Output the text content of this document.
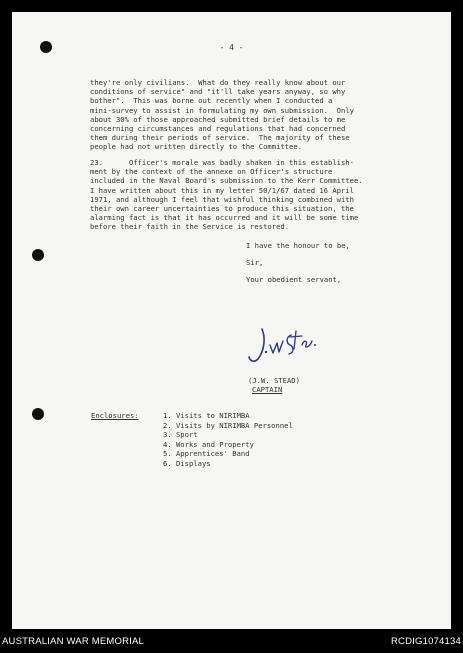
- 4 -
they're only civilians.  What do they really know about our
conditions of service" and "it'll take years anyway, so why
bother".  This was borne out recently when I conducted a
mini-survey to assist in formulating my own submission.  Only
about 30% of those approached submitted brief details to me
concerning circumstances and regulations that had concerned
them during their periods of service.  The majority of these
people had not written directly to the Committee.
23.      Officer's morale was badly shaken in this establish-
ment by the context of the annexe on Officer's structure
included in the Naval Board's submission to the Kerr Committee.
I have written about this in my letter 50/1/67 dated 16 April
1971, and although I feel that wishful thinking combined with
their own career uncertainties to produce this situation, the
alarming fact is that it has occurred and it will be some time
before their faith in the Service is restored.
I have the honour to be,
Sir,
Your obedient servant,
(J.W. STEAD)
CAPTAIN
Enclosures:	1. Visits to NIRIMBA
2. Visits by NIRIMBA Personnel
3. Sport
4. Works and Property
5. Apprentices' Band
6. Displays
AUSTRALIAN WAR MEMORIAL	RCDIG1074134
